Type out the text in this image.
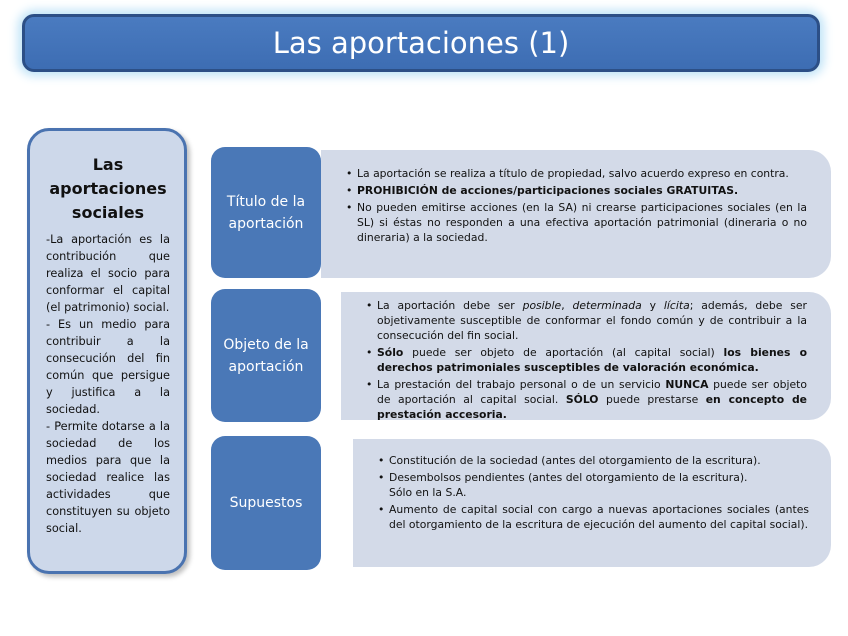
Las aportaciones (1)
Las aportaciones sociales

-La aportación es la contribución que realiza el socio para conformar el capital (el patrimonio) social.

- Es un medio para contribuir a la consecución del fin común que persigue y justifica a la sociedad.

- Permite dotarse a la sociedad de los medios para que la sociedad realice las actividades que constituyen su objeto social.

• La aportación se realiza a título de propiedad, salvo acuerdo expreso en contra.
• PROHIBICIÓN de acciones/participaciones sociales GRATUITAS.
• No pueden emitirse acciones (en la SA) ni crearse participaciones sociales (en la SL) si éstas no responden a una efectiva aportación patrimonial (dineraria o no dineraria) a la sociedad.
Título de la aportación
• La aportación debe ser posible, determinada y lícita; además, debe ser objetivamente susceptible de conformar el fondo común y de contribuir a la consecución del fin social.
• Sólo puede ser objeto de aportación (al capital social) los bienes o derechos patrimoniales susceptibles de valoración económica.
• La prestación del trabajo personal o de un servicio NUNCA puede ser objeto de aportación al capital social. SÓLO puede prestarse en concepto de prestación accesoria.
Objeto de la aportación
• Constitución de la sociedad (antes del otorgamiento de la escritura).
• Desembolsos pendientes (antes del otorgamiento de la escritura).
Sólo en la S.A.
• Aumento de capital social con cargo a nuevas aportaciones sociales (antes del otorgamiento de la escritura de ejecución del aumento del capital social).
Supuestos
